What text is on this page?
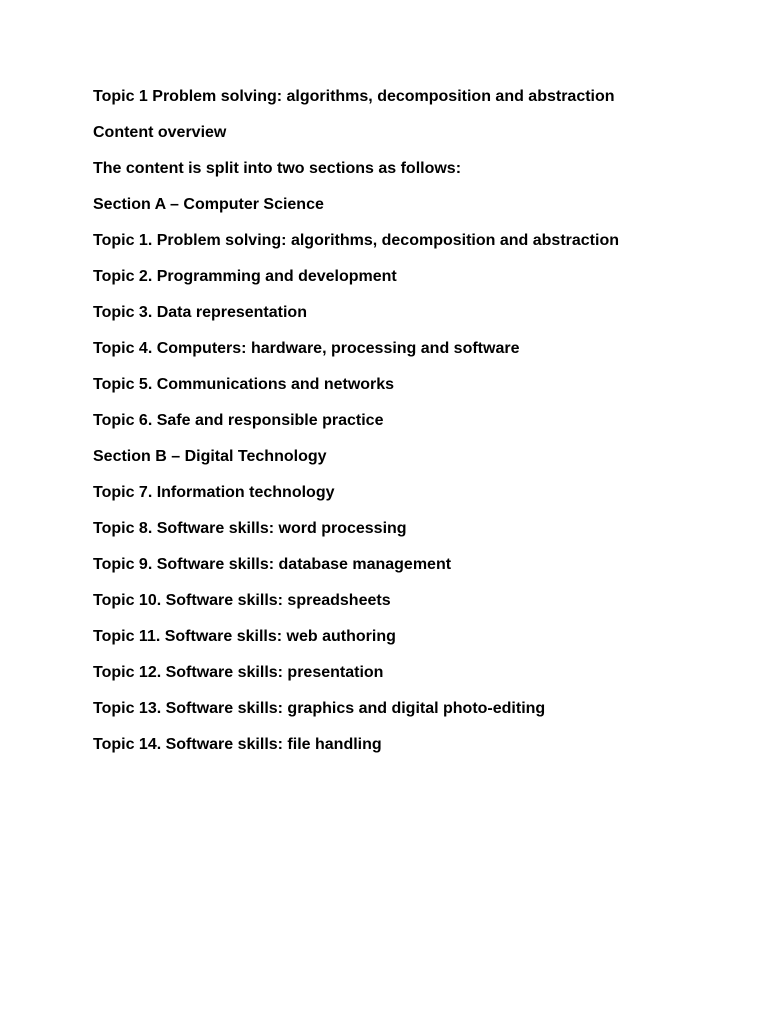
Topic 1 Problem solving: algorithms, decomposition and abstraction
Content overview
The content is split into two sections as follows:
Section A – Computer Science
Topic 1. Problem solving: algorithms, decomposition and abstraction
Topic 2. Programming and development
Topic 3. Data representation
Topic 4. Computers: hardware, processing and software
Topic 5. Communications and networks
Topic 6. Safe and responsible practice
Section B – Digital Technology
Topic 7. Information technology
Topic 8. Software skills: word processing
Topic 9. Software skills: database management
Topic 10. Software skills: spreadsheets
Topic 11. Software skills: web authoring
Topic 12. Software skills: presentation
Topic 13. Software skills: graphics and digital photo-editing
Topic 14. Software skills: file handling
